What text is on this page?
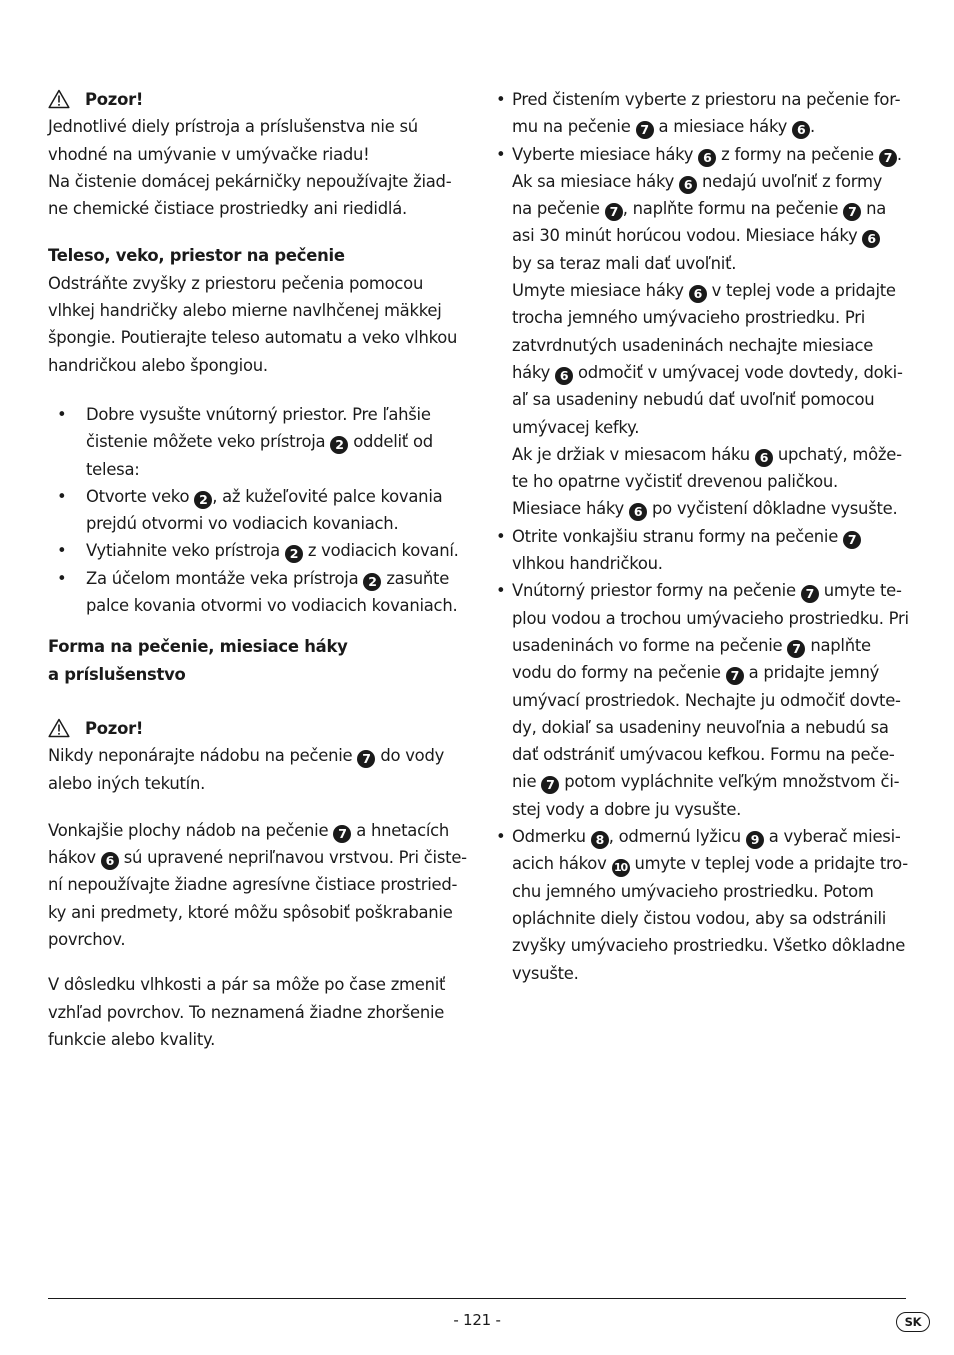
Pozor!
Jednotlivé diely prístroja a príslušenstva nie sú
vhodné na umývanie v umývačke riadu!
Na čistenie domácej pekárničky nepoužívajte žiad-
ne chemické čistiace prostriedky ani riedidlá.
Teleso, veko, priestor na pečenie
Odstráňte zvyšky z priestoru pečenia pomocou
vlhkej handričky alebo mierne navlhčenej mäkkej
špongie. Poutierajte teleso automatu a veko vlhkou
handričkou alebo špongiou.
•	Dobre vysušte vnútorný priestor. Pre ľahšie
čistenie môžete veko prístroja 2 oddeliť od
telesa:
•	Otvorte veko 2 , až kužeľovité palce kovania
prejdú otvormi vo vodiacich kovaniach.
•	Vytiahnite veko prístroja 2 z vodiacich kovaní.
•	Za účelom montáže veka prístroja 2 zasuňte
palce kovania otvormi vo vodiacich kovaniach.
Forma na pečenie, miesiace háky
a príslušenstvo
Pozor!
Nikdy neponárajte nádobu na pečenie 7 do vody
alebo iných tekutín.
Vonkajšie plochy nádob na pečenie 7 a hnetacích
hákov 6 sú upravené nepriľnavou vrstvou. Pri čiste-
ní nepoužívajte žiadne agresívne čistiace prostried-
ky ani predmety, ktoré môžu spôsobiť poškrabanie
povrchov.
V dôsledku vlhkosti a pár sa môže po čase zmeniť
vzhľad povrchov. To neznamená žiadne zhoršenie
funkcie alebo kvality.
• Pred čistením vyberte z priestoru na pečenie for-
mu na pečenie 7 a miesiace háky 6 .
• Vyberte miesiace háky 6 z formy na pečenie 7 .
Ak sa miesiace háky 6 nedajú uvoľniť z formy
na pečenie 7 , naplňte formu na pečenie 7 na
asi 30 minút horúcou vodou. Miesiace háky 6
by sa teraz mali dať uvoľniť.
Umyte miesiace háky 6 v teplej vode a pridajte
trocha jemného umývacieho prostriedku. Pri
zatvrdnutých usadeninách nechajte miesiace
háky 6 odmočiť v umývacej vode dovtedy, doki-
aľ sa usadeniny nebudú dať uvoľniť pomocou
umývacej kefky.
Ak je držiak v miesacom háku 6 upchatý, môže-
te ho opatrne vyčistiť drevenou paličkou.
Miesiace háky 6 po vyčistení dôkladne vysušte.
• Otrite vonkajšiu stranu formy na pečenie 7
vlhkou handričkou.
• Vnútorný priestor formy na pečenie 7 umyte te-
plou vodou a trochou umývacieho prostriedku. Pri
usadeninách vo forme na pečenie 7 naplňte
vodu do formy na pečenie 7 a pridajte jemný
umývací prostriedok. Nechajte ju odmočiť dovte-
dy, dokiaľ sa usadeniny neuvoľnia a nebudú sa
dať odstrániť umývacou kefkou. Formu na peče-
nie 7 potom vypláchnite veľkým množstvom či-
stej vody a dobre ju vysušte.
• Odmerku 8 , odmernú lyžicu 9 a vyberač miesi-
acich hákov 10 umyte v teplej vode a pridajte tro-
chu jemného umývacieho prostriedku. Potom
opláchnite diely čistou vodou, aby sa odstránili
zvyšky umývacieho prostriedku. Všetko dôkladne
vysušte.
- 121 -	SK
